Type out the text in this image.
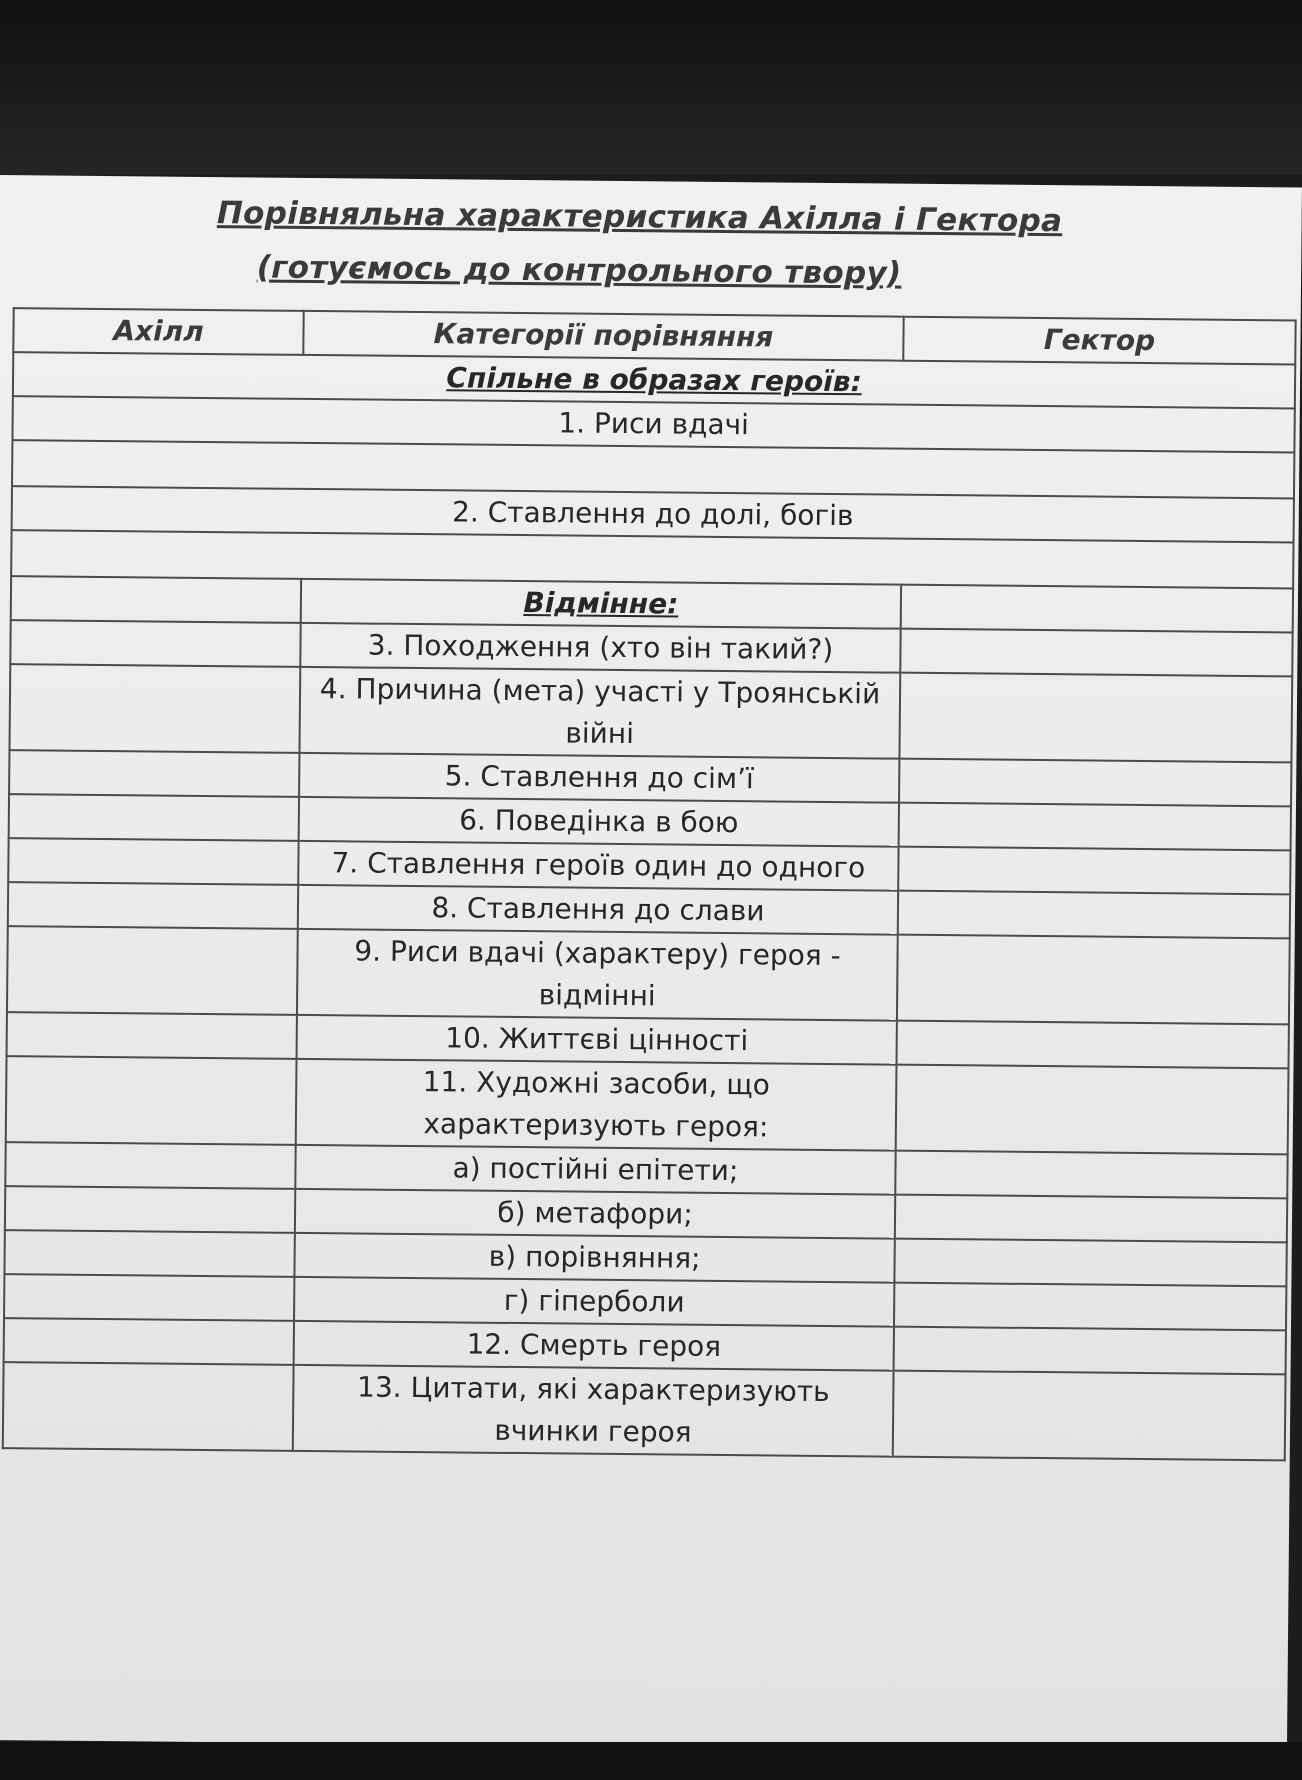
Порівняльна характеристика Ахілла і Гектора
(готуємось до контрольного твору)
Ахілл	Категорії порівняння	Гектор
Спільне в образах героїв:		
1. Риси вдачі		

2. Ставлення до долі, богів		

	Відмінне:	
	3. Походження (хто він такий?)	
	4. Причина (мета) участі у Троянській війні	
	5. Ставлення до сім’ї	
	6. Поведінка в бою	
	7. Ставлення героїв один до одного	
	8. Ставлення до слави	
	9. Риси вдачі (характеру) героя - відмінні	
	10. Життєві цінності	
	11. Художні засоби, що характеризують героя:	
	а) постійні епітети;	
	б) метафори;	
	в) порівняння;	
	г) гіперболи	
	12. Смерть героя	
	13. Цитати, які характеризують вчинки героя	
